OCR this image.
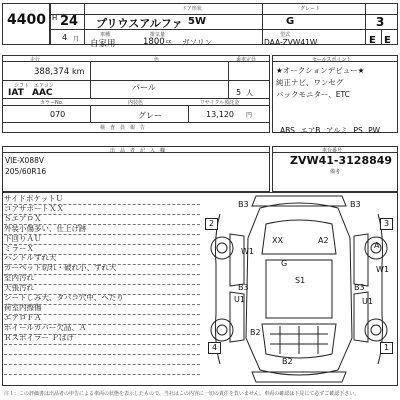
4400 H 24
4 月
プリウスアルファ
ドア形状
5W
グレード
G	3
車種
自家用
排気量
1800 cc ガソリン
型式
DAA-ZVW41W	E E
走行
388,374 km
シフト
IAT
エアコン
AAC
色
パール
乗車定員
5 人
カラーNo.
070
内装色
グレー
リサイクル預託金
13,120 円
検　査　員　報　告
セールスポイント
★オークションデビュー★
純正ナビ、ワンセグ
バックモニター、ETC
ABS エアB アルミ PS PW
出　品　者　記　入　欄
VIE-X088V
205/60R16
車台番号
ZVW41-3128849
備考
サイドボケットＵ
コアサポートＸＸ
ＳエアロＸ
外装小傷多い、仕上げ跡
下回りＡＵ
ミラーＸ
ハンドルすれ大
カーペット切れ・破れ小、すれ大
室内汚れ
天張汚れ
シートしみ大、タバコ穴中、へたり
荷室内擦傷
エアロＦＡ
ホイールカバー欠品、Ａ
Ｒスポイラー Ｐはげ
B3	B3
2	3
XX	A2
W1
A
G
W1
S1
B3	B3
U1	U1
B2
4	1
B2
注１：この評価書は出品者の申告による車両の状態を表示したもので、当社はこの内容に一切の責任を負いません。車両の確認は下見にて必ずご確認下さい。
